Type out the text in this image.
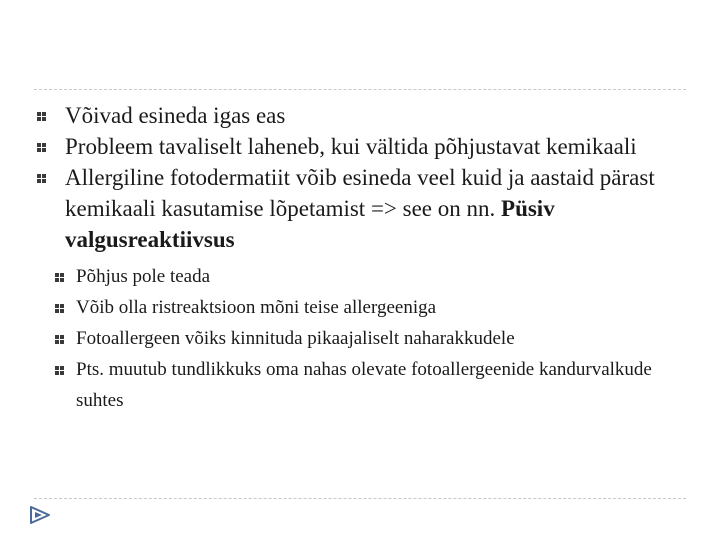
Võivad esineda igas eas
Probleem tavaliselt laheneb, kui vältida põhjustavat kemikaali
Allergiline fotodermatiit võib esineda veel kuid ja aastaid pärast kemikaali kasutamise lõpetamist => see on nn. Püsiv valgusreaktiivsus
Põhjus pole teada
Võib olla ristreaktsioon mõni teise allergeeniga
Fotoallergeen võiks kinnituda pikaajaliselt naharakkudele
Pts. muutub tundlikkuks oma nahas olevate fotoallergeenide kandurvalkude suhtes
